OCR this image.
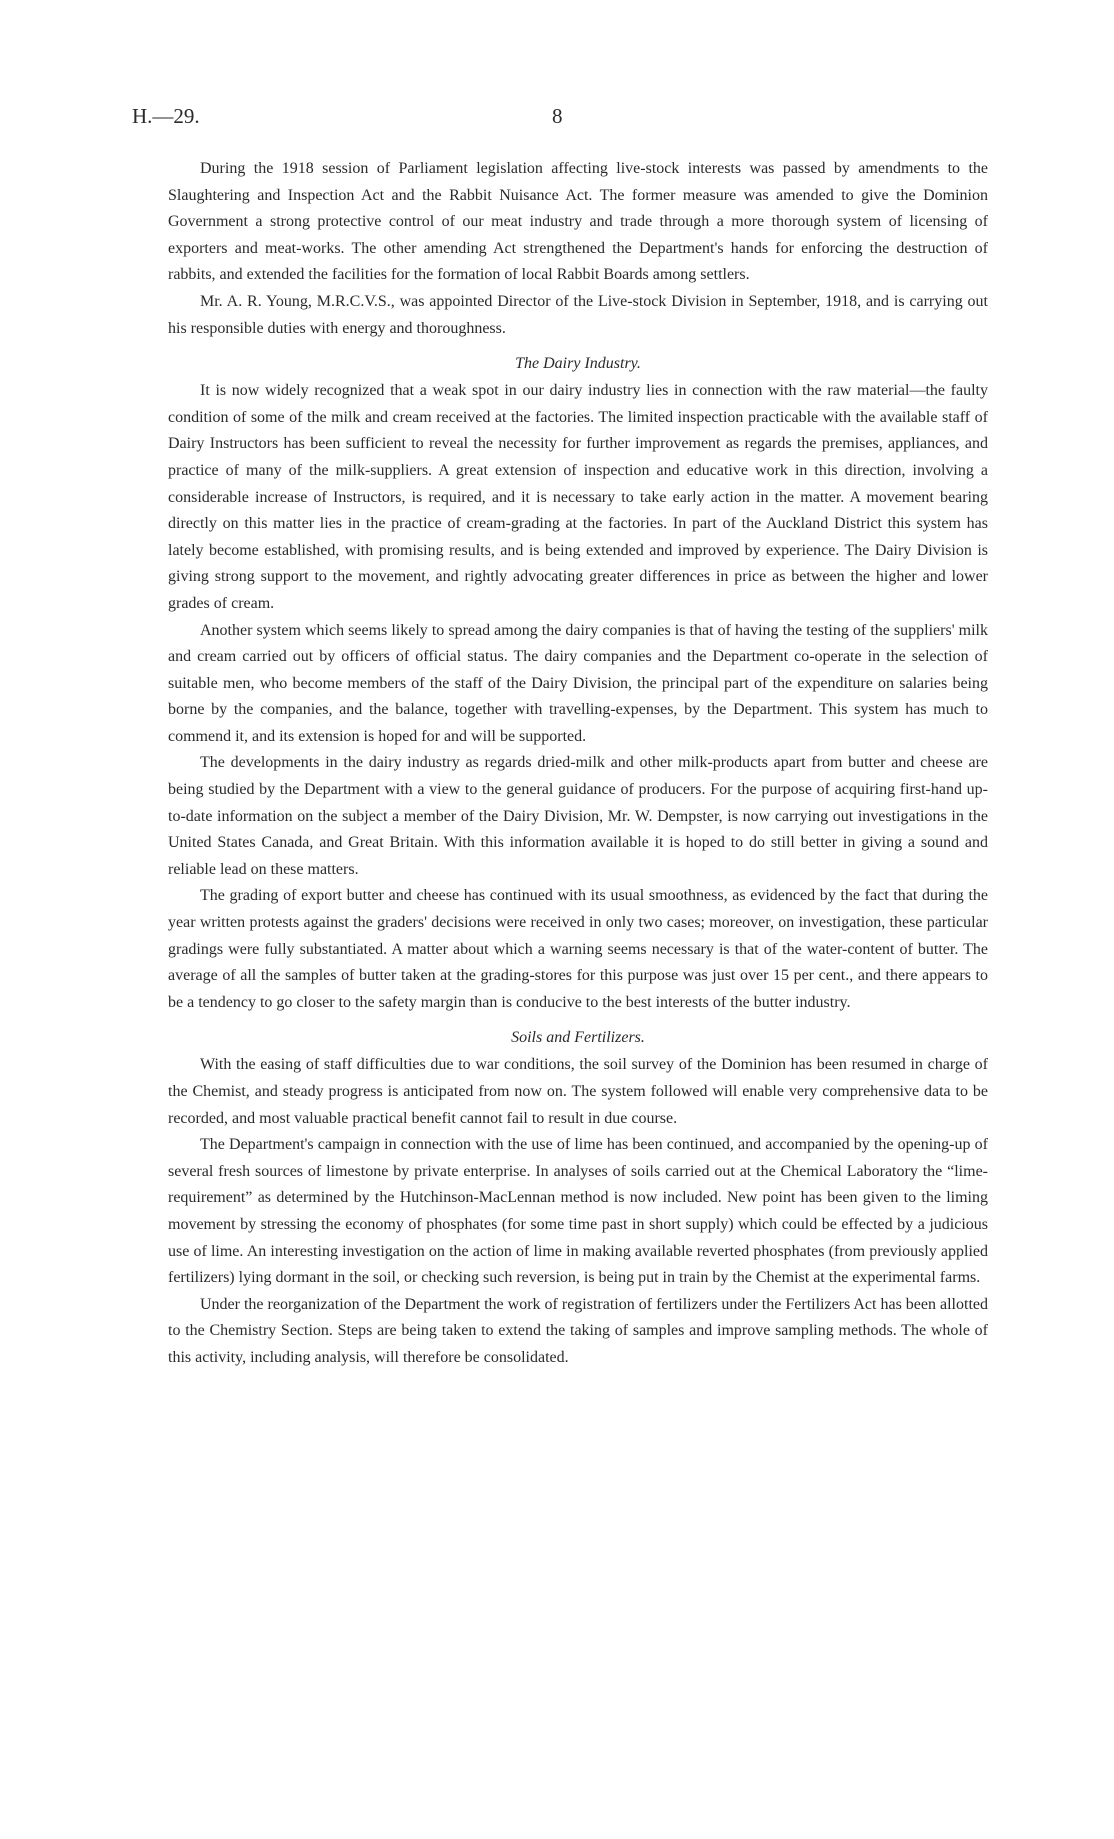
H.—29.	8

During the 1918 session of Parliament legislation affecting live-stock interests was passed by amendments to the Slaughtering and Inspection Act and the Rabbit Nuisance Act. The former measure was amended to give the Dominion Government a strong protective control of our meat industry and trade through a more thorough system of licensing of exporters and meat-works. The other amending Act strengthened the Department's hands for enforcing the destruction of rabbits, and extended the facilities for the formation of local Rabbit Boards among settlers.

Mr. A. R. Young, M.R.C.V.S., was appointed Director of the Live-stock Division in September, 1918, and is carrying out his responsible duties with energy and thoroughness.

The Dairy Industry.

It is now widely recognized that a weak spot in our dairy industry lies in connection with the raw material—the faulty condition of some of the milk and cream received at the factories. The limited inspection practicable with the available staff of Dairy Instructors has been sufficient to reveal the necessity for further improvement as regards the premises, appliances, and practice of many of the milk-suppliers. A great extension of inspection and educative work in this direction, involving a considerable increase of Instructors, is required, and it is necessary to take early action in the matter. A movement bearing directly on this matter lies in the practice of cream-grading at the factories. In part of the Auckland District this system has lately become established, with promising results, and is being extended and improved by experience. The Dairy Division is giving strong support to the movement, and rightly advocating greater differences in price as between the higher and lower grades of cream.

Another system which seems likely to spread among the dairy companies is that of having the testing of the suppliers' milk and cream carried out by officers of official status. The dairy companies and the Department co-operate in the selection of suitable men, who become members of the staff of the Dairy Division, the principal part of the expenditure on salaries being borne by the companies, and the balance, together with travelling-expenses, by the Department. This system has much to commend it, and its extension is hoped for and will be supported.

The developments in the dairy industry as regards dried-milk and other milk-products apart from butter and cheese are being studied by the Department with a view to the general guidance of producers. For the purpose of acquiring first-hand up-to-date information on the subject a member of the Dairy Division, Mr. W. Dempster, is now carrying out investigations in the United States Canada, and Great Britain. With this information available it is hoped to do still better in giving a sound and reliable lead on these matters.

The grading of export butter and cheese has continued with its usual smoothness, as evidenced by the fact that during the year written protests against the graders' decisions were received in only two cases; moreover, on investigation, these particular gradings were fully substantiated. A matter about which a warning seems necessary is that of the water-content of butter. The average of all the samples of butter taken at the grading-stores for this purpose was just over 15 per cent., and there appears to be a tendency to go closer to the safety margin than is conducive to the best interests of the butter industry.

Soils and Fertilizers.

With the easing of staff difficulties due to war conditions, the soil survey of the Dominion has been resumed in charge of the Chemist, and steady progress is anticipated from now on. The system followed will enable very comprehensive data to be recorded, and most valuable practical benefit cannot fail to result in due course.

The Department's campaign in connection with the use of lime has been continued, and accompanied by the opening-up of several fresh sources of limestone by private enterprise. In analyses of soils carried out at the Chemical Laboratory the “lime-requirement” as determined by the Hutchinson-MacLennan method is now included. New point has been given to the liming movement by stressing the economy of phosphates (for some time past in short supply) which could be effected by a judicious use of lime. An interesting investigation on the action of lime in making available reverted phosphates (from previously applied fertilizers) lying dormant in the soil, or checking such reversion, is being put in train by the Chemist at the experimental farms.

Under the reorganization of the Department the work of registration of fertilizers under the Fertilizers Act has been allotted to the Chemistry Section. Steps are being taken to extend the taking of samples and improve sampling methods. The whole of this activity, including analysis, will therefore be consolidated.
